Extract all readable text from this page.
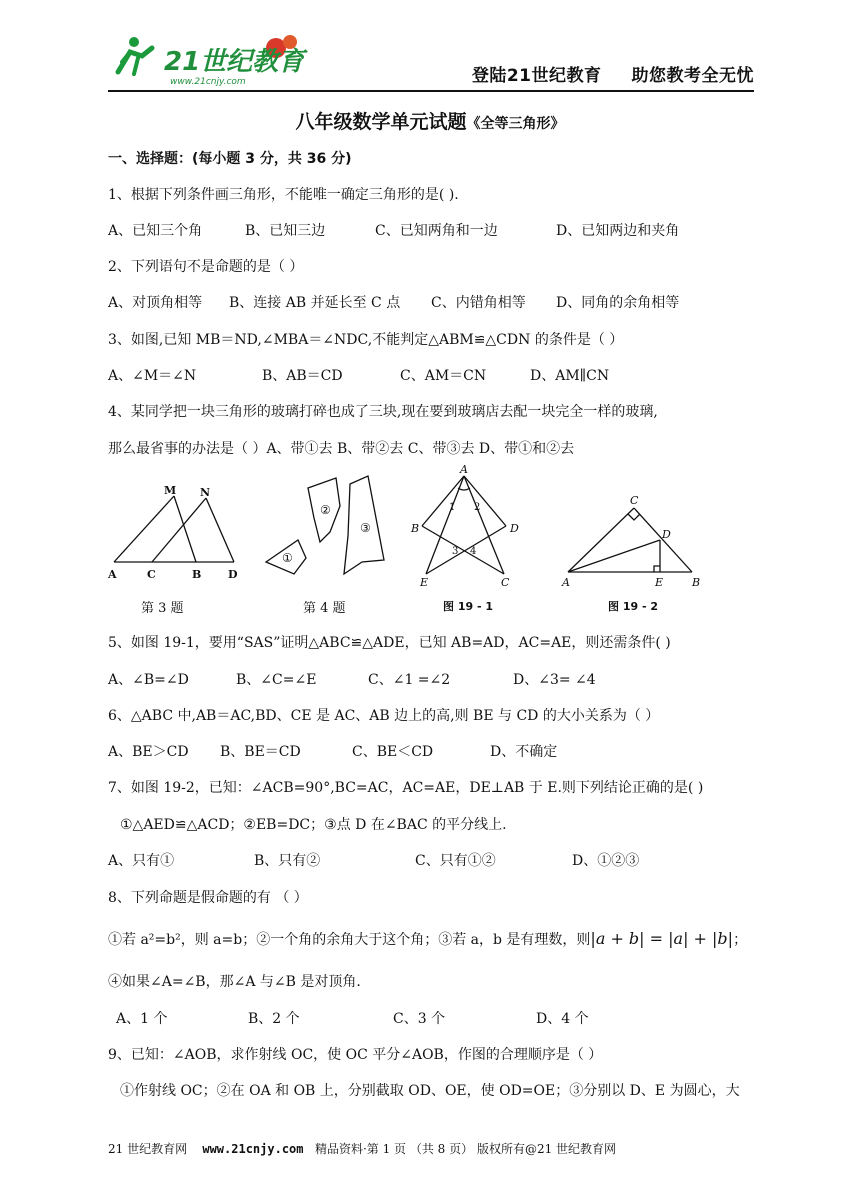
21世纪教育
www.21cnjy.com	登陆21世纪教育 助您教考全无忧
八年级数学单元试题《全等三角形》
一、选择题：(每小题 3 分，共 36 分)
1、根据下列条件画三角形，不能唯一确定三角形的是( ).
A、已知三个角	B、已知三边	C、已知两角和一边	D、已知两边和夹角
2、下列语句不是命题的是（ ）
A、对顶角相等 B、连接 AB 并延长至 C 点 C、内错角相等 D、同角的余角相等
3、如图,已知 MB＝ND,∠MBA＝∠NDC,不能判定△ABM≌△CDN 的条件是（ ）
A、∠M＝∠N	B、AB＝CD	C、AM＝CN	D、AM∥CN
4、某同学把一块三角形的玻璃打碎也成了三块,现在要到玻璃店去配一块完全一样的玻璃,
那么最省事的办法是（ ）A、带①去 B、带②去 C、带③去 D、带①和②去
M N
A	C	B D
第 3 题
①
②
③
第 4 题
A
B	D
E	C
1 2
3 4
图 19 - 1
C
D
A	E	B
图 19 - 2
5、如图 19-1，要用“SAS”证明△ABC≌△ADE，已知 AB=AD，AC=AE，则还需条件( )
A、∠B=∠D	B、∠C=∠E	C、∠1 =∠2	D、∠3= ∠4
6、△ABC 中,AB＝AC,BD、CE 是 AC、AB 边上的高,则 BE 与 CD 的大小关系为（ ）
A、BE＞CD B、BE＝CD	C、BE＜CD	D、不确定
7、如图 19-2，已知：∠ACB=90°,BC=AC，AC=AE，DE⊥AB 于 E.则下列结论正确的是( )
①△AED≌△ACD；②EB=DC；③点 D 在∠BAC 的平分线上.
A、只有①	B、只有②	C、只有①②	D、①②③
8、下列命题是假命题的有 （ ）
①若 a²=b²，则 a=b；②一个角的余角大于这个角；③若 a，b 是有理数，则|a + b| = |a| + |b|；
④如果∠A=∠B，那∠A 与∠B 是对顶角.
A、1 个	B、2 个	C、3 个	D、4 个
9、已知：∠AOB，求作射线 OC，使 OC 平分∠AOB，作图的合理顺序是（ ）
①作射线 OC；②在 OA 和 OB 上，分别截取 OD、OE，使 OD=OE；③分别以 D、E 为圆心，大
21 世纪教育网 www.21cnjy.com 精品资料·第 1 页 （共 8 页） 版权所有@21 世纪教育网
